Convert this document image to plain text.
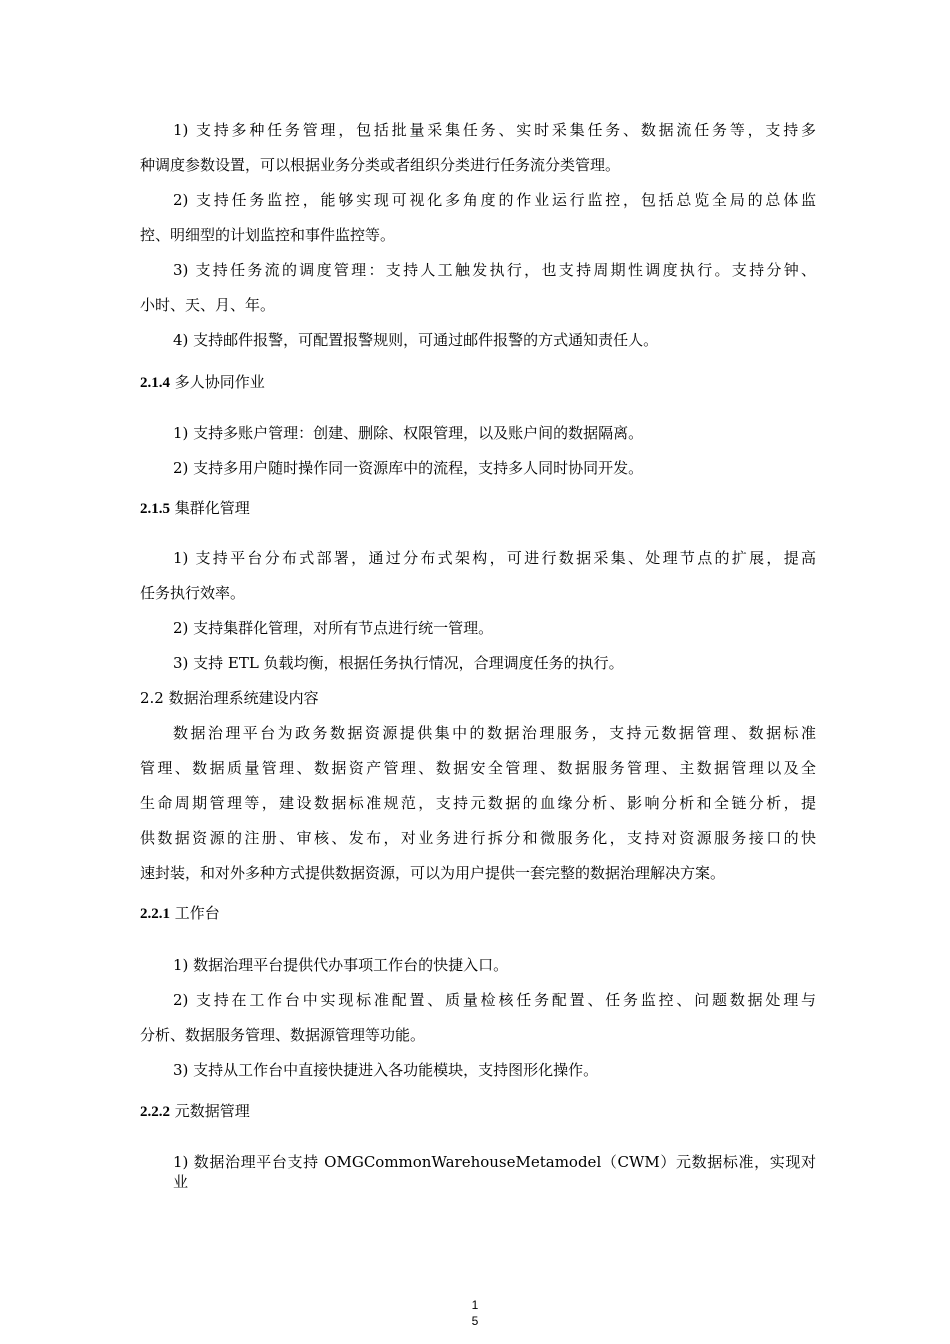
1) 支持多种任务管理，包括批量采集任务、实时采集任务、数据流任务等，支持多
种调度参数设置，可以根据业务分类或者组织分类进行任务流分类管理。
2) 支持任务监控，能够实现可视化多角度的作业运行监控，包括总览全局的总体监
控、明细型的计划监控和事件监控等。
3) 支持任务流的调度管理：支持人工触发执行，也支持周期性调度执行。支持分钟、
小时、天、月、年。
4) 支持邮件报警，可配置报警规则，可通过邮件报警的方式通知责任人。
2.1.4 多人协同作业
1) 支持多账户管理：创建、删除、权限管理，以及账户间的数据隔离。
2) 支持多用户随时操作同一资源库中的流程，支持多人同时协同开发。
2.1.5 集群化管理
1) 支持平台分布式部署，通过分布式架构，可进行数据采集、处理节点的扩展，提高
任务执行效率。
2) 支持集群化管理，对所有节点进行统一管理。
3) 支持 ETL 负载均衡，根据任务执行情况，合理调度任务的执行。
2.2 数据治理系统建设内容
数据治理平台为政务数据资源提供集中的数据治理服务，支持元数据管理、数据标准
管理、数据质量管理、数据资产管理、数据安全管理、数据服务管理、主数据管理以及全
生命周期管理等，建设数据标准规范，支持元数据的血缘分析、影响分析和全链分析，提
供数据资源的注册、审核、发布，对业务进行拆分和微服务化，支持对资源服务接口的快
速封装，和对外多种方式提供数据资源，可以为用户提供一套完整的数据治理解决方案。
2.2.1 工作台
1) 数据治理平台提供代办事项工作台的快捷入口。
2) 支持在工作台中实现标准配置、质量检核任务配置、任务监控、问题数据处理与
分析、数据服务管理、数据源管理等功能。
3) 支持从工作台中直接快捷进入各功能模块，支持图形化操作。
2.2.2 元数据管理
1) 数据治理平台支持 OMGCommonWarehouseMetamodel（CWM）元数据标准，实现对业
1
5
